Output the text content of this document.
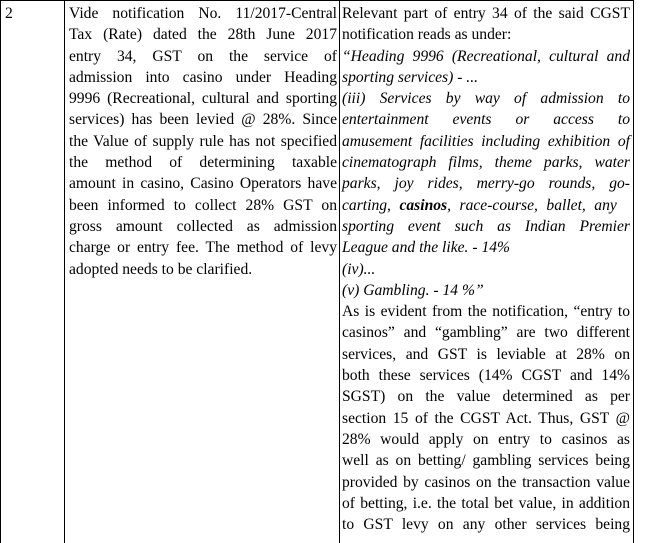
2	Vide notification No. 11/2017-Central
Tax (Rate) dated the 28th June 2017
entry 34, GST on the service of
admission into casino under Heading
9996 (Recreational, cultural and sporting
services) has been levied @ 28%. Since
the Value of supply rule has not specified
the method of determining taxable
amount in casino, Casino Operators have
been informed to collect 28% GST on
gross amount collected as admission
charge or entry fee. The method of levy
adopted needs to be clarified.
Relevant part of entry 34 of the said CGST
notification reads as under:
“Heading 9996 (Recreational, cultural and
sporting services) - ...
(iii) Services by way of admission to
entertainment events or access to
amusement facilities including exhibition of
cinematograph films, theme parks, water
parks, joy rides, merry-go rounds, go-
carting, casinos, race-course, ballet, any
sporting event such as Indian Premier
League and the like. - 14%
(iv)...
(v) Gambling. - 14 %”
As is evident from the notification, “entry to
casinos” and “gambling” are two different
services, and GST is leviable at 28% on
both these services (14% CGST and 14%
SGST) on the value determined as per
section 15 of the CGST Act. Thus, GST @
28% would apply on entry to casinos as
well as on betting/ gambling services being
provided by casinos on the transaction value
of betting, i.e. the total bet value, in addition
to GST levy on any other services being
